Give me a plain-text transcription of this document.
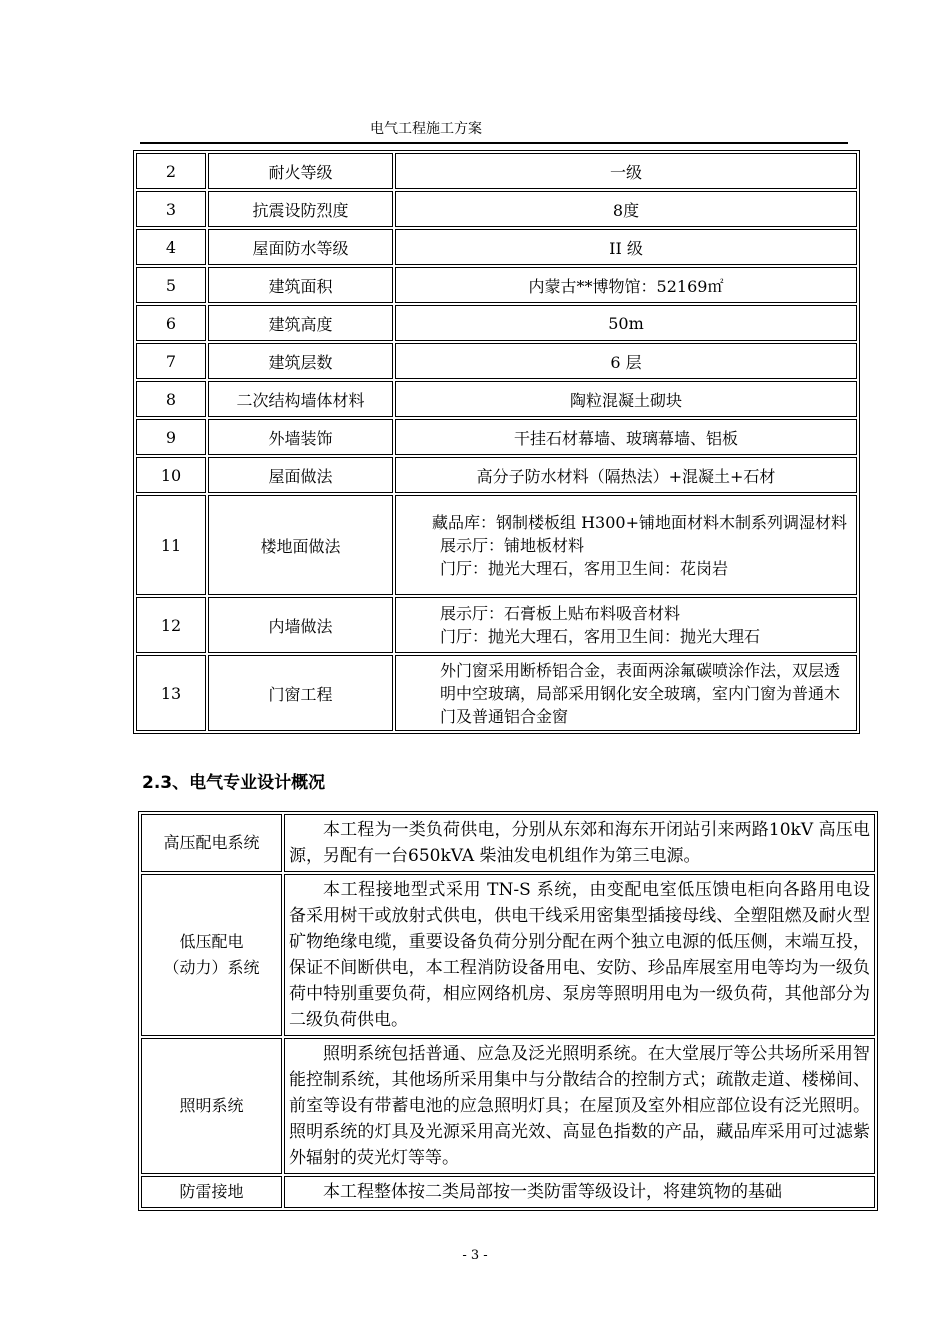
电气工程施工方案
2	耐火等级	一级
3	抗震设防烈度	8度
4	屋面防水等级	II 级
5	建筑面积	内蒙古**博物馆：52169㎡
6	建筑高度	50m
7	建筑层数	6 层
8	二次结构墙体材料	陶粒混凝土砌块
9	外墙装饰	干挂石材幕墙、玻璃幕墙、铝板
10	屋面做法	高分子防水材料（隔热法）+混凝土+石材
11	楼地面做法	藏品库：钢制楼板组 H300+铺地面材料木制系列调湿材料
展示厅：铺地板材料
门厅：抛光大理石，客用卫生间：花岗岩

12	内墙做法	展示厅：石膏板上贴布料吸音材料
门厅：抛光大理石，客用卫生间：抛光大理石

13	门窗工程	外门窗采用断桥铝合金，表面两涂氟碳喷涂作法，双层透明中空玻璃，局部采用钢化安全玻璃，室内门窗为普通木门及普通铝合金窗
2.3、电气专业设计概况
高压配电系统	本工程为一类负荷供电，分别从东郊和海东开闭站引来两路10kV 高压电源，另配有一台650kVA 柴油发电机组作为第三电源。

低压配电
（动力）系统	本工程接地型式采用 TN-S 系统，由变配电室低压馈电柜向各路用电设备采用树干或放射式供电，供电干线采用密集型插接母线、全塑阻燃及耐火型矿物绝缘电缆，重要设备负荷分别分配在两个独立电源的低压侧，末端互投，保证不间断供电，本工程消防设备用电、安防、珍品库展室用电等均为一级负荷中特别重要负荷，相应网络机房、泵房等照明用电为一级负荷，其他部分为二级负荷供电。

照明系统	照明系统包括普通、应急及泛光照明系统。在大堂展厅等公共场所采用智能控制系统，其他场所采用集中与分散结合的控制方式；疏散走道、楼梯间、前室等设有带蓄电池的应急照明灯具；在屋顶及室外相应部位设有泛光照明。照明系统的灯具及光源采用高光效、高显色指数的产品，藏品库采用可过滤紫外辐射的荧光灯等等。

防雷接地	本工程整体按二类局部按一类防雷等级设计，将建筑物的基础
- 3 -
